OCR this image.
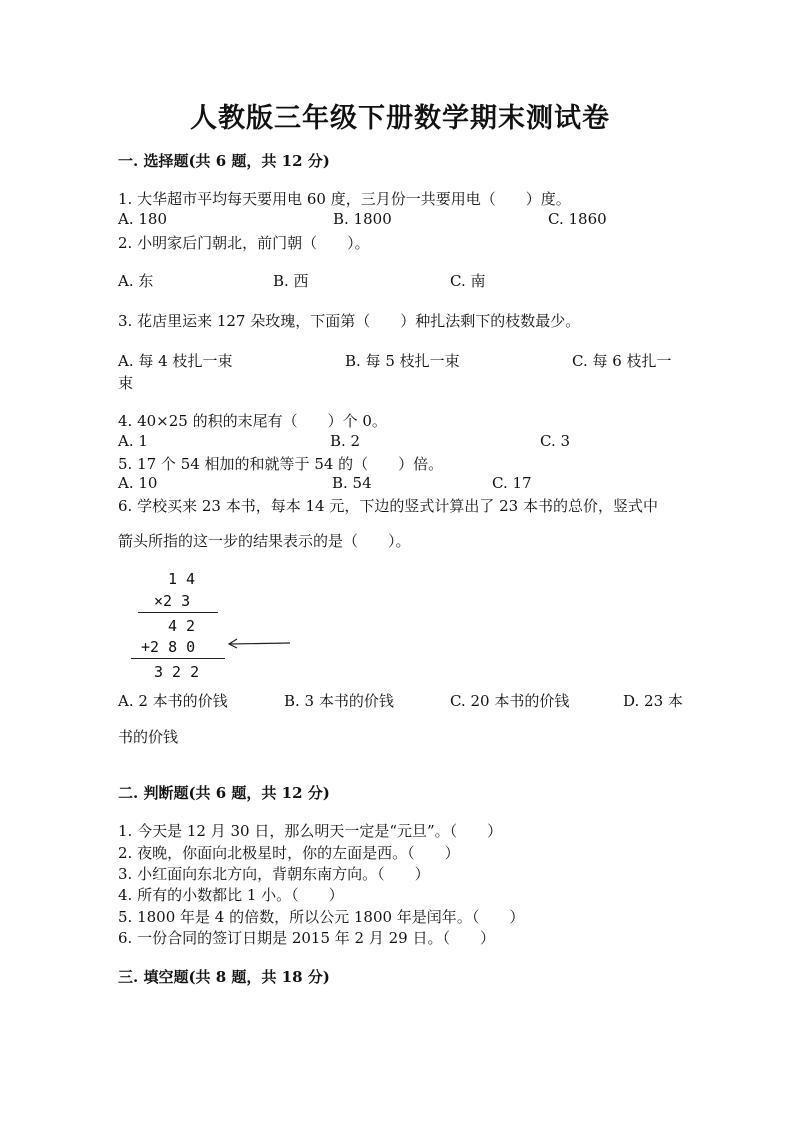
人教版三年级下册数学期末测试卷
一. 选择题(共 6 题，共 12 分)
1. 大华超市平均每天要用电 60 度，三月份一共要用电（　　）度。
A. 180	B. 1800	C. 1860
2. 小明家后门朝北，前门朝（　　）。
A. 东	B. 西	C. 南
3. 花店里运来 127 朵玫瑰，下面第（　　）种扎法剩下的枝数最少。
A. 每 4 枝扎一束	B. 每 5 枝扎一束	C. 每 6 枝扎一
束
4. 40×25 的积的末尾有（　　）个 0。
A. 1	B. 2	C. 3
5. 17 个 54 相加的和就等于 54 的（　　）倍。
A. 10	B. 54	C. 17
6. 学校买来 23 本书，每本 14 元，下边的竖式计算出了 23 本书的总价，竖式中
箭头所指的这一步的结果表示的是（　　）。
1 4
×2 3
4 2
+2 8 0
3 2 2
A. 2 本书的价钱	B. 3 本书的价钱	C. 20 本书的价钱	D. 23 本
书的价钱
二. 判断题(共 6 题，共 12 分)
1. 今天是 12 月 30 日，那么明天一定是“元旦”。（　　）
2. 夜晚，你面向北极星时，你的左面是西。（　　）
3. 小红面向东北方向，背朝东南方向。（　　）
4. 所有的小数都比 1 小。（　　）
5. 1800 年是 4 的倍数，所以公元 1800 年是闰年。（　　）
6. 一份合同的签订日期是 2015 年 2 月 29 日。（　　）
三. 填空题(共 8 题，共 18 分)
